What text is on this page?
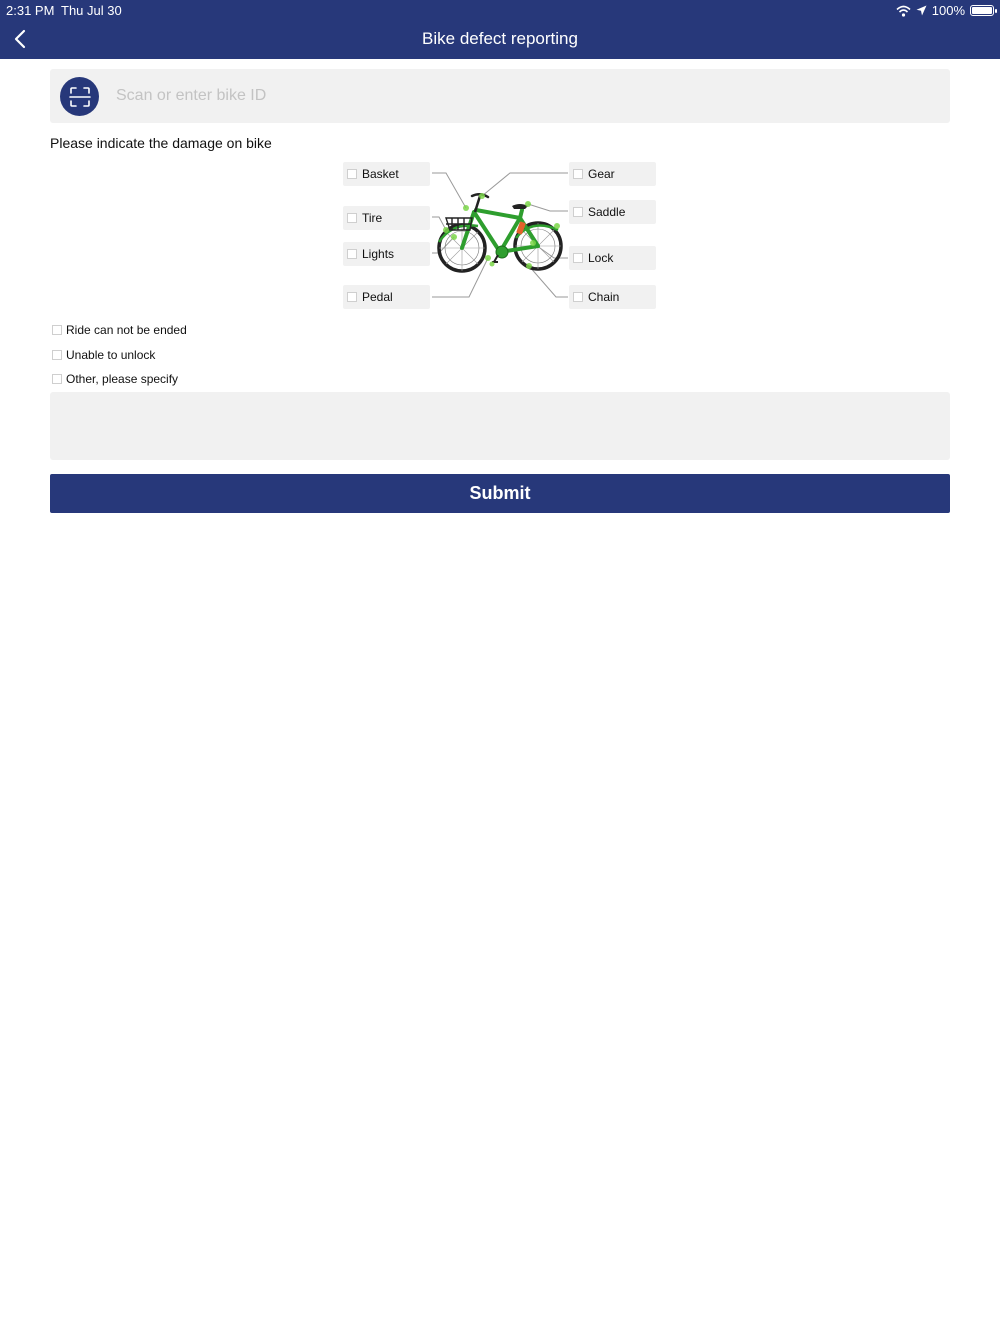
2:31 PM Thu Jul 30	100%
Bike defect reporting
Scan or enter bike ID
Please indicate the damage on bike
Basket
Tire
Lights
Pedal
Gear
Saddle
Lock
Chain
Ride can not be ended
Unable to unlock
Other, please specify
Submit
